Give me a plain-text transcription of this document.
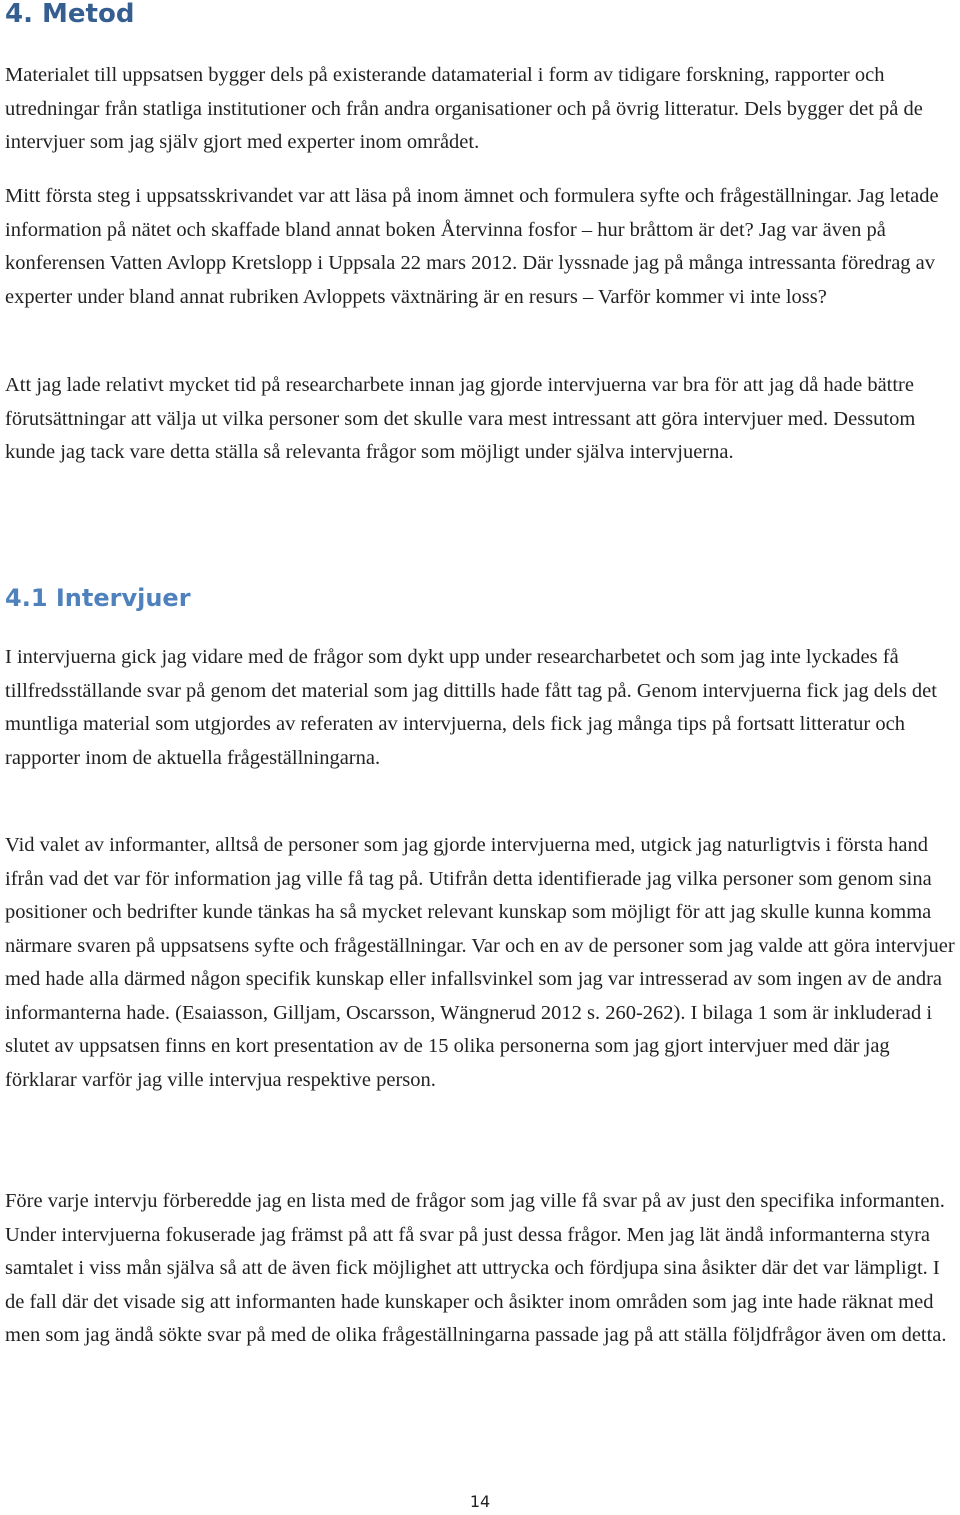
4. Metod

Materialet till uppsatsen bygger dels på existerande datamaterial i form av tidigare forskning, rapporter och utredningar från statliga institutioner och från andra organisationer och på övrig litteratur. Dels bygger det på de intervjuer som jag själv gjort med experter inom området.

Mitt första steg i uppsatsskrivandet var att läsa på inom ämnet och formulera syfte och frågeställningar. Jag letade information på nätet och skaffade bland annat boken Återvinna fosfor – hur bråttom är det? Jag var även på konferensen Vatten Avlopp Kretslopp i Uppsala 22 mars 2012. Där lyssnade jag på många intressanta föredrag av experter under bland annat rubriken Avloppets växtnäring är en resurs – Varför kommer vi inte loss?

Att jag lade relativt mycket tid på researcharbete innan jag gjorde intervjuerna var bra för att jag då hade bättre förutsättningar att välja ut vilka personer som det skulle vara mest intressant att göra intervjuer med. Dessutom kunde jag tack vare detta ställa så relevanta frågor som möjligt under själva intervjuerna.

4.1 Intervjuer

I intervjuerna gick jag vidare med de frågor som dykt upp under researcharbetet och som jag inte lyckades få tillfredsställande svar på genom det material som jag dittills hade fått tag på. Genom intervjuerna fick jag dels det muntliga material som utgjordes av referaten av intervjuerna, dels fick jag många tips på fortsatt litteratur och rapporter inom de aktuella frågeställningarna.

Vid valet av informanter, alltså de personer som jag gjorde intervjuerna med, utgick jag naturligtvis i första hand ifrån vad det var för information jag ville få tag på. Utifrån detta identifierade jag vilka personer som genom sina positioner och bedrifter kunde tänkas ha så mycket relevant kunskap som möjligt för att jag skulle kunna komma närmare svaren på uppsatsens syfte och frågeställningar. Var och en av de personer som jag valde att göra intervjuer med hade alla därmed någon specifik kunskap eller infallsvinkel som jag var intresserad av som ingen av de andra informanterna hade. (Esaiasson, Gilljam, Oscarsson, Wängnerud 2012 s. 260-262). I bilaga 1 som är inkluderad i slutet av uppsatsen finns en kort presentation av de 15 olika personerna som jag gjort intervjuer med där jag förklarar varför jag ville intervjua respektive person.

Före varje intervju förberedde jag en lista med de frågor som jag ville få svar på av just den specifika informanten. Under intervjuerna fokuserade jag främst på att få svar på just dessa frågor. Men jag lät ändå informanterna styra samtalet i viss mån själva så att de även fick möjlighet att uttrycka och fördjupa sina åsikter där det var lämpligt. I de fall där det visade sig att informanten hade kunskaper och åsikter inom områden som jag inte hade räknat med men som jag ändå sökte svar på med de olika frågeställningarna passade jag på att ställa följdfrågor även om detta.

14
